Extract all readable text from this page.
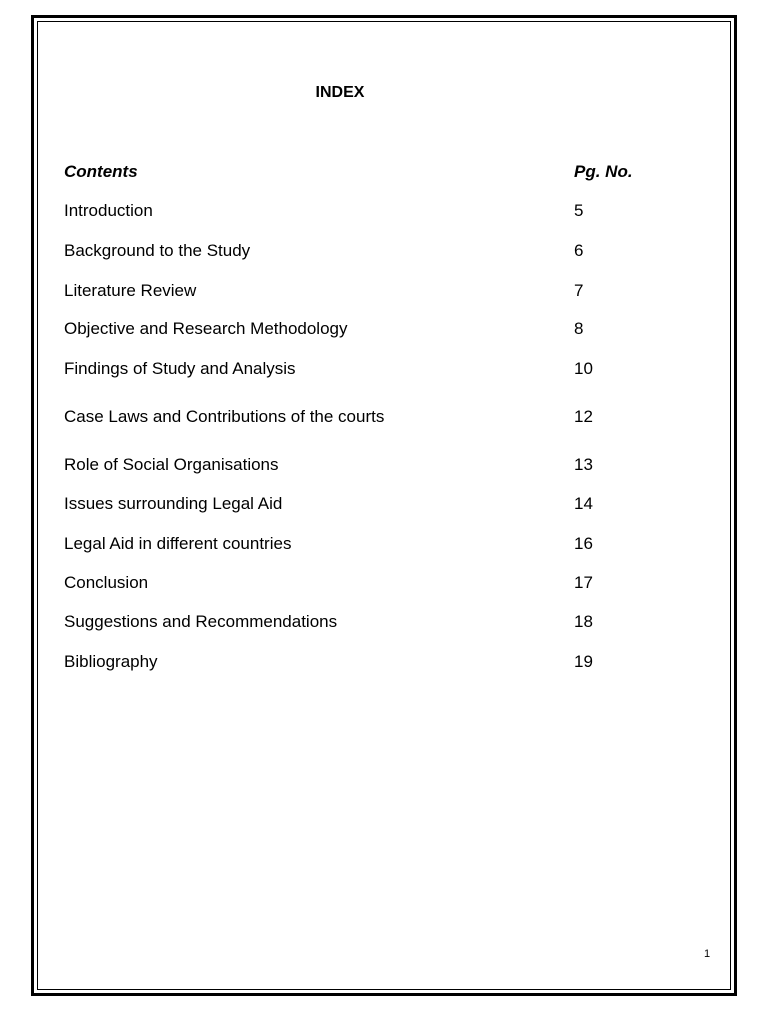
INDEX
Contents	Pg. No.
Introduction	5
Background to the Study	6
Literature Review	7
Objective and Research Methodology	8
Findings of Study and Analysis	10
Case Laws and Contributions of the courts	12
Role of Social Organisations	13
Issues surrounding Legal Aid	14
Legal Aid in different countries	16
Conclusion	17
Suggestions and Recommendations	18
Bibliography	19
1
